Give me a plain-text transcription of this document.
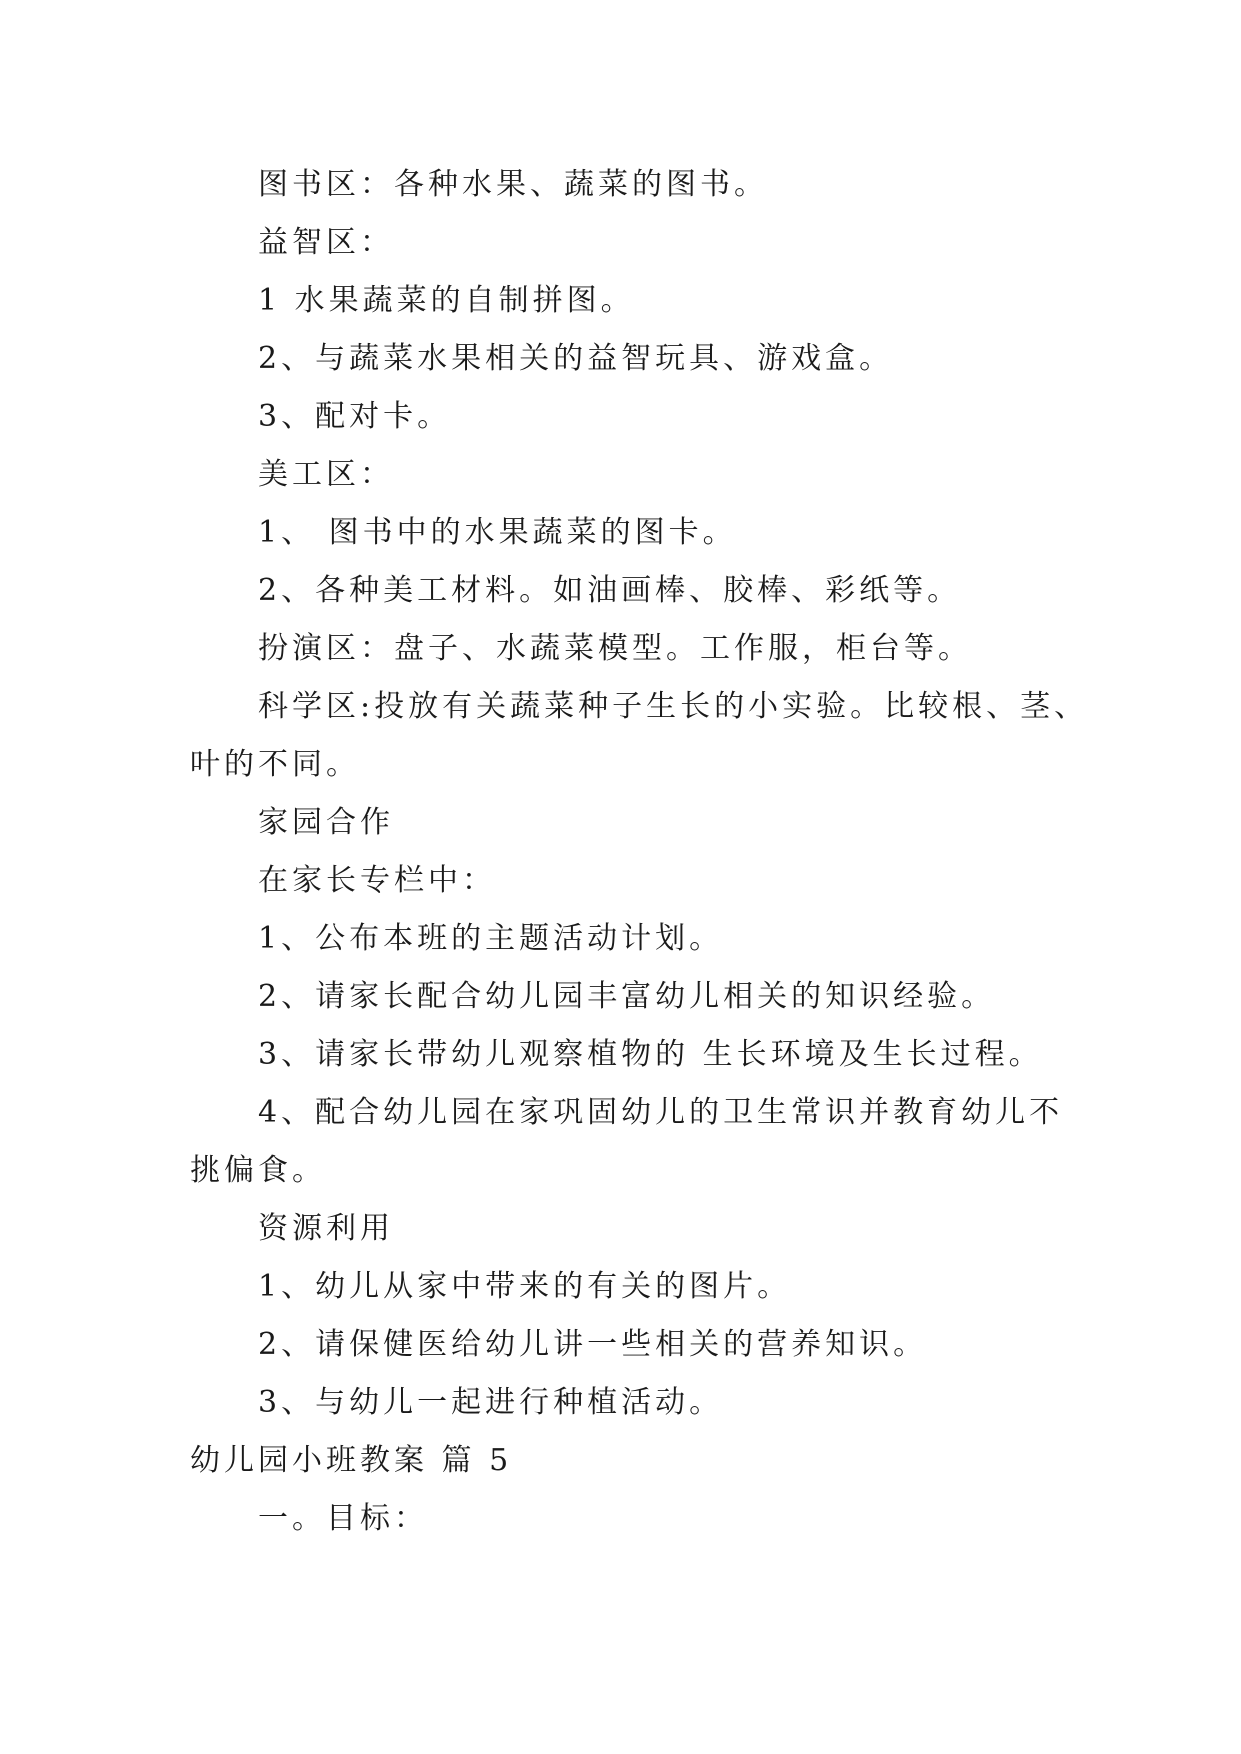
图书区：各种水果、蔬菜的图书。
益智区：
1 水果蔬菜的自制拼图。
2、与蔬菜水果相关的益智玩具、游戏盒。
3、配对卡。
美工区：
1、 图书中的水果蔬菜的图卡。
2、各种美工材料。如油画棒、胶棒、彩纸等。
扮演区：盘子、水蔬菜模型。工作服，柜台等。
科学区:投放有关蔬菜种子生长的小实验。比较根、茎、
叶的不同。
家园合作
在家长专栏中：
1、公布本班的主题活动计划。
2、请家长配合幼儿园丰富幼儿相关的知识经验。
3、请家长带幼儿观察植物的 生长环境及生长过程。
4、配合幼儿园在家巩固幼儿的卫生常识并教育幼儿不
挑偏食。
资源利用
1、幼儿从家中带来的有关的图片。
2、请保健医给幼儿讲一些相关的营养知识。
3、与幼儿一起进行种植活动。
幼儿园小班教案 篇 5
一。目标：
